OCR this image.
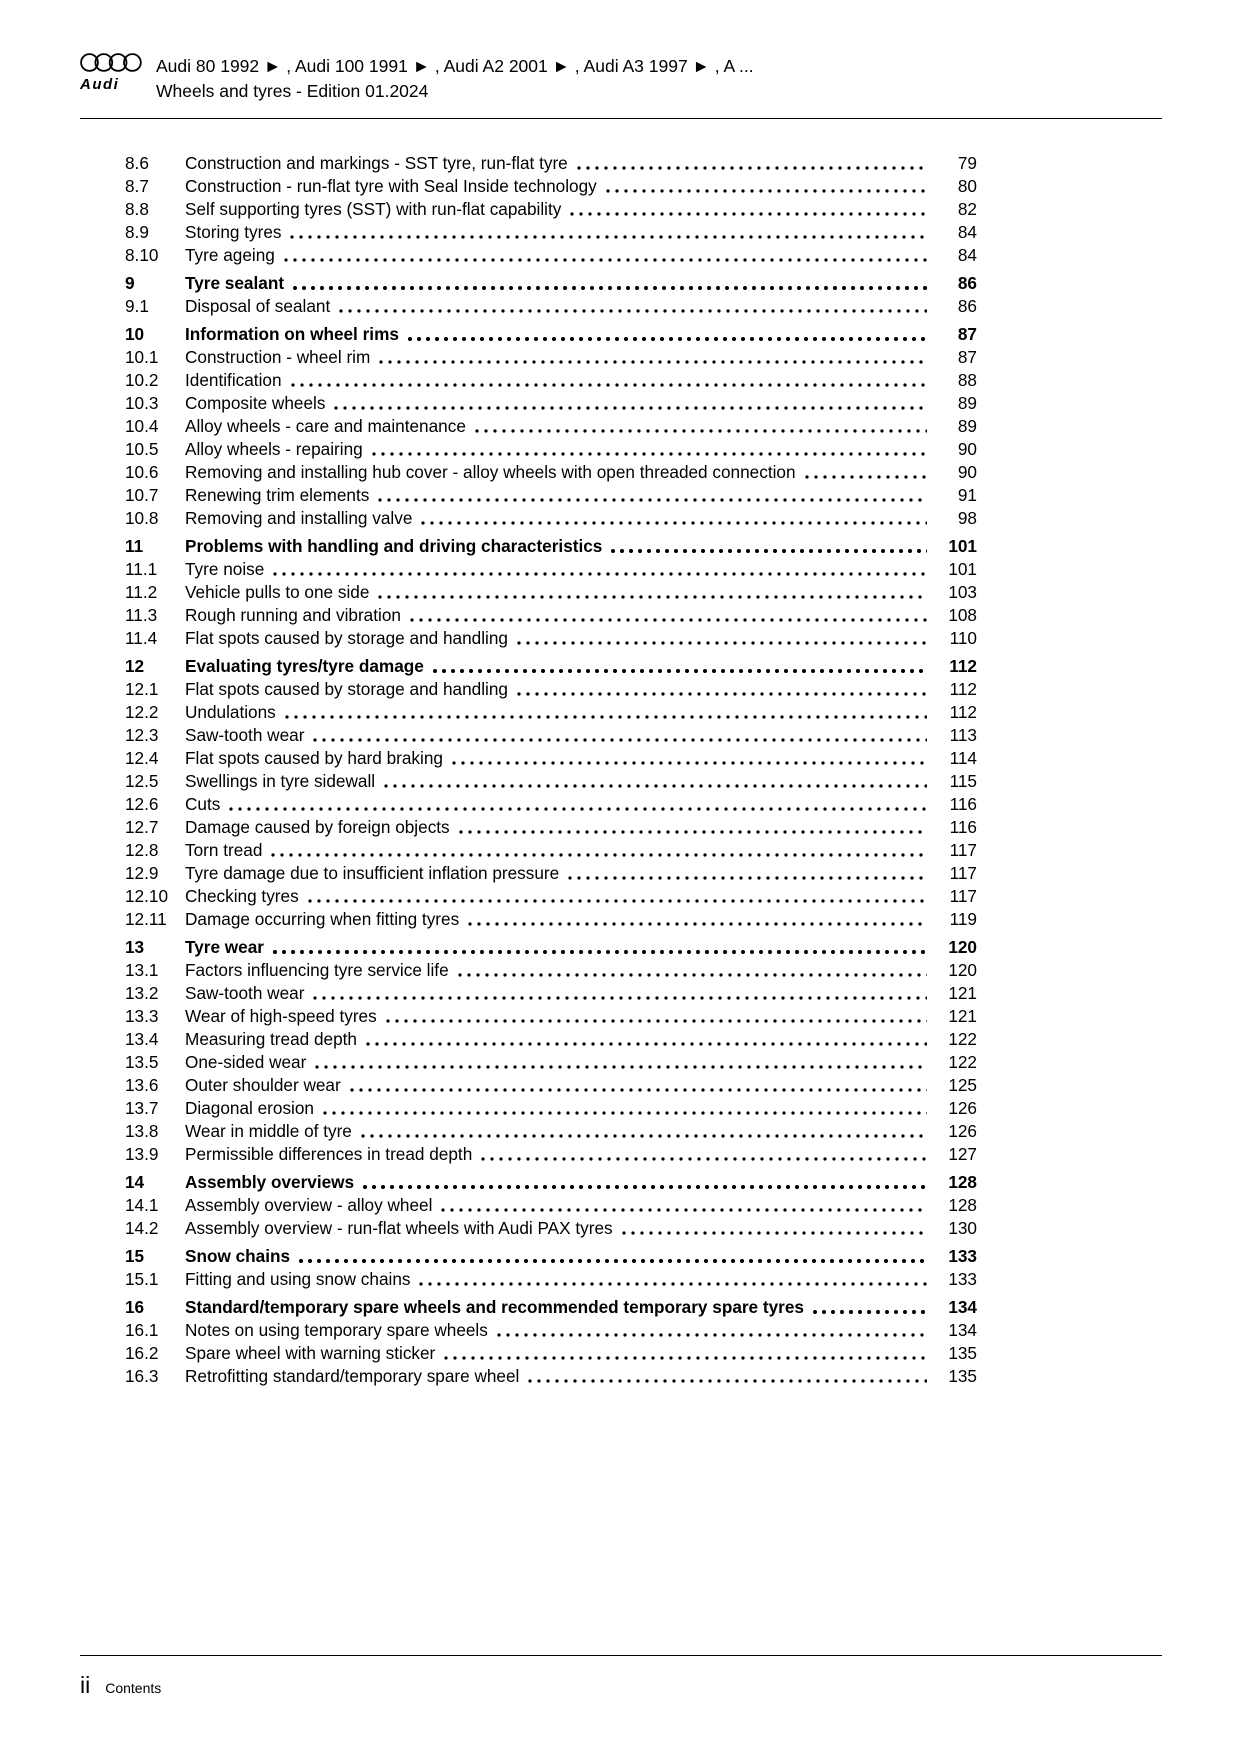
Audi
Audi 80 1992 ► , Audi 100 1991 ► , Audi A2 2001 ► , Audi A3 1997 ► , A ...
Wheels and tyres - Edition 01.2024
8.6	Construction and markings - SST tyre, run-flat tyre	79
8.7	Construction - run-flat tyre with Seal Inside technology	80
8.8	Self supporting tyres (SST) with run-flat capability	82
8.9	Storing tyres	84
8.10	Tyre ageing	84
9	Tyre sealant	86
9.1	Disposal of sealant	86
10	Information on wheel rims	87
10.1	Construction - wheel rim	87
10.2	Identification	88
10.3	Composite wheels	89
10.4	Alloy wheels - care and maintenance	89
10.5	Alloy wheels - repairing	90
10.6	Removing and installing hub cover - alloy wheels with open threaded connection	90
10.7	Renewing trim elements	91
10.8	Removing and installing valve	98
11	Problems with handling and driving characteristics	101
11.1	Tyre noise	101
11.2	Vehicle pulls to one side	103
11.3	Rough running and vibration	108
11.4	Flat spots caused by storage and handling	110
12	Evaluating tyres/tyre damage	112
12.1	Flat spots caused by storage and handling	112
12.2	Undulations	112
12.3	Saw-tooth wear	113
12.4	Flat spots caused by hard braking	114
12.5	Swellings in tyre sidewall	115
12.6	Cuts	116
12.7	Damage caused by foreign objects	116
12.8	Torn tread	117
12.9	Tyre damage due to insufficient inflation pressure	117
12.10 Checking tyres	117
12.11	Damage occurring when fitting tyres	119
13	Tyre wear	120
13.1	Factors influencing tyre service life	120
13.2	Saw-tooth wear	121
13.3	Wear of high-speed tyres	121
13.4	Measuring tread depth	122
13.5	One-sided wear	122
13.6	Outer shoulder wear	125
13.7	Diagonal erosion	126
13.8	Wear in middle of tyre	126
13.9	Permissible differences in tread depth	127
14	Assembly overviews	128
14.1	Assembly overview - alloy wheel	128
14.2	Assembly overview - run-flat wheels with Audi PAX tyres	130
15	Snow chains	133
15.1	Fitting and using snow chains	133
16	Standard/temporary spare wheels and recommended temporary spare tyres	134
16.1	Notes on using temporary spare wheels	134
16.2	Spare wheel with warning sticker	135
16.3	Retrofitting standard/temporary spare wheel	135
ii Contents
